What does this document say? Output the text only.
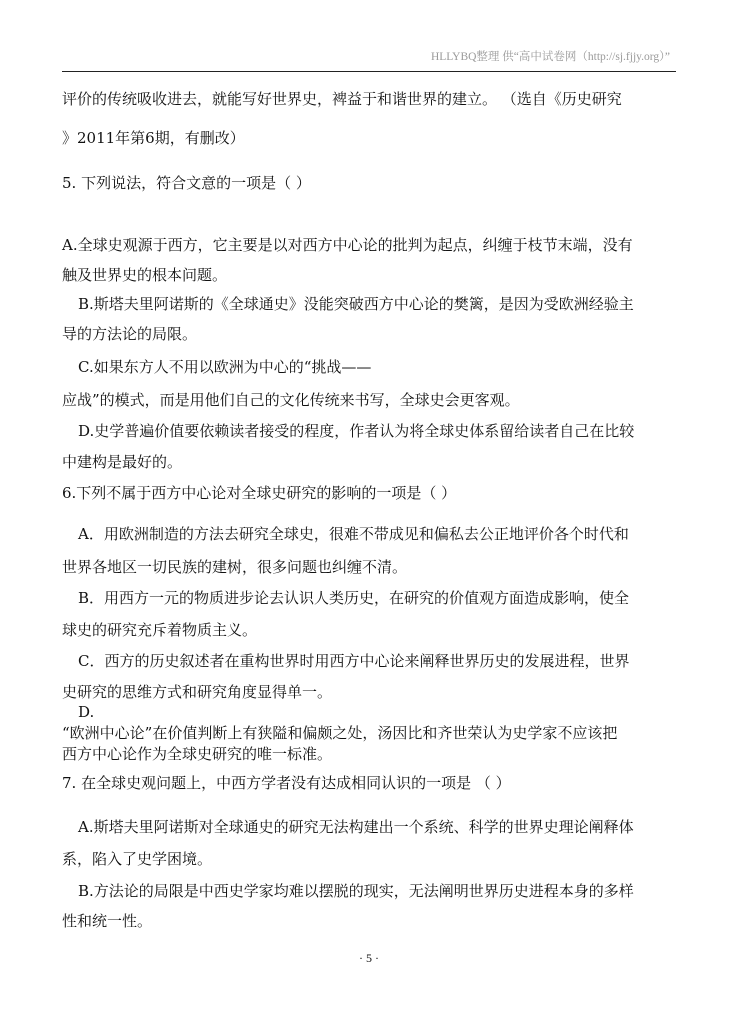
HLLYBQ整理 供“高中试卷网（http://sj.fjjy.org）”
评价的传统吸收进去，就能写好世界史，裨益于和谐世界的建立。 （选自《历史研究
》2011年第6期，有删改）
5. 下列说法，符合文意的一项是（ ）
A.全球史观源于西方，它主要是以对西方中心论的批判为起点，纠缠于枝节末端，没有
触及世界史的根本问题。
B.斯塔夫里阿诺斯的《全球通史》没能突破西方中心论的樊篱，是因为受欧洲经验主
导的方法论的局限。
C.如果东方人不用以欧洲为中心的“挑战——
应战”的模式，而是用他们自己的文化传统来书写，全球史会更客观。
D.史学普遍价值要依赖读者接受的程度，作者认为将全球史体系留给读者自己在比较
中建构是最好的。
6.下列不属于西方中心论对全球史研究的影响的一项是（ ）
A．用欧洲制造的方法去研究全球史，很难不带成见和偏私去公正地评价各个时代和
世界各地区一切民族的建树，很多问题也纠缠不清。
B．用西方一元的物质进步论去认识人类历史，在研究的价值观方面造成影响，使全
球史的研究充斥着物质主义。
C．西方的历史叙述者在重构世界时用西方中心论来阐释世界历史的发展进程，世界
史研究的思维方式和研究角度显得单一。
D.
“欧洲中心论”在价值判断上有狭隘和偏颇之处，汤因比和齐世荣认为史学家不应该把
西方中心论作为全球史研究的唯一标准。
7. 在全球史观问题上，中西方学者没有达成相同认识的一项是 （ ）
A.斯塔夫里阿诺斯对全球通史的研究无法构建出一个系统、科学的世界史理论阐释体
系，陷入了史学困境。
B.方法论的局限是中西史学家均难以摆脱的现实，无法阐明世界历史进程本身的多样
性和统一性。
· 5 ·
